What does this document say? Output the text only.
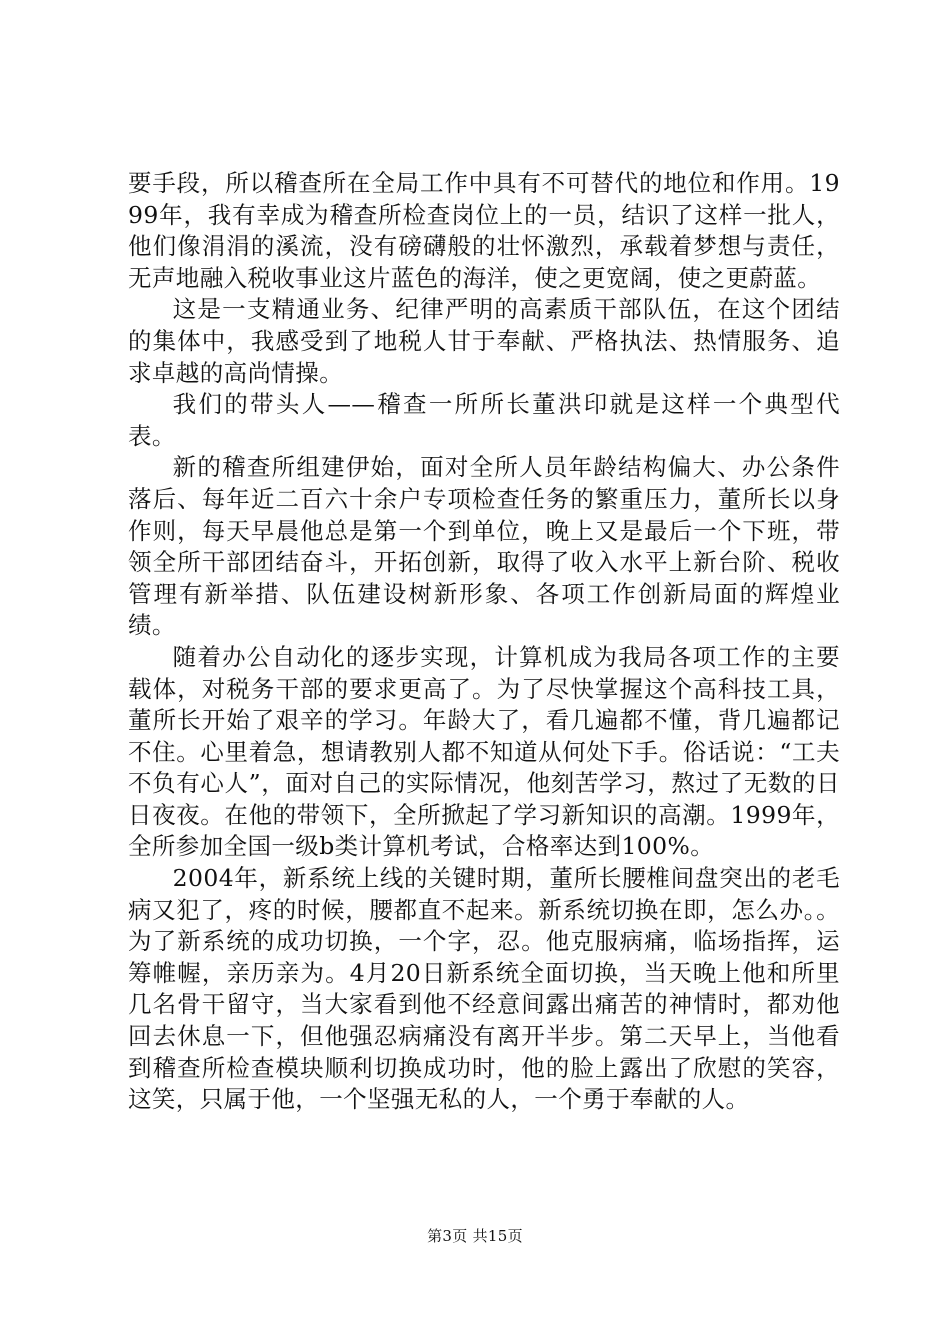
要手段，所以稽查所在全局工作中具有不可替代的地位和作用。1999年，我有幸成为稽查所检查岗位上的一员，结识了这样一批人，他们像涓涓的溪流，没有磅礴般的壮怀激烈，承载着梦想与责任，无声地融入税收事业这片蓝色的海洋，使之更宽阔，使之更蔚蓝。

这是一支精通业务、纪律严明的高素质干部队伍，在这个团结的集体中，我感受到了地税人甘于奉献、严格执法、热情服务、追求卓越的高尚情操。

我们的带头人——稽查一所所长董洪印就是这样一个典型代表。

新的稽查所组建伊始，面对全所人员年龄结构偏大、办公条件落后、每年近二百六十余户专项检查任务的繁重压力，董所长以身作则，每天早晨他总是第一个到单位，晚上又是最后一个下班，带领全所干部团结奋斗，开拓创新，取得了收入水平上新台阶、税收管理有新举措、队伍建设树新形象、各项工作创新局面的辉煌业绩。

随着办公自动化的逐步实现，计算机成为我局各项工作的主要载体，对税务干部的要求更高了。为了尽快掌握这个高科技工具，董所长开始了艰辛的学习。年龄大了，看几遍都不懂，背几遍都记不住。心里着急，想请教别人都不知道从何处下手。俗话说：“工夫不负有心人”，面对自己的实际情况，他刻苦学习，熬过了无数的日日夜夜。在他的带领下，全所掀起了学习新知识的高潮。1999年，全所参加全国一级b类计算机考试，合格率达到100%。

2004年，新系统上线的关键时期，董所长腰椎间盘突出的老毛病又犯了，疼的时候，腰都直不起来。新系统切换在即，怎么办。。为了新系统的成功切换，一个字，忍。他克服病痛，临场指挥，运筹帷幄，亲历亲为。4月20日新系统全面切换，当天晚上他和所里几名骨干留守，当大家看到他不经意间露出痛苦的神情时，都劝他回去休息一下，但他强忍病痛没有离开半步。第二天早上，当他看到稽查所检查模块顺利切换成功时，他的脸上露出了欣慰的笑容，这笑，只属于他，一个坚强无私的人，一个勇于奉献的人。

第3页 共15页
